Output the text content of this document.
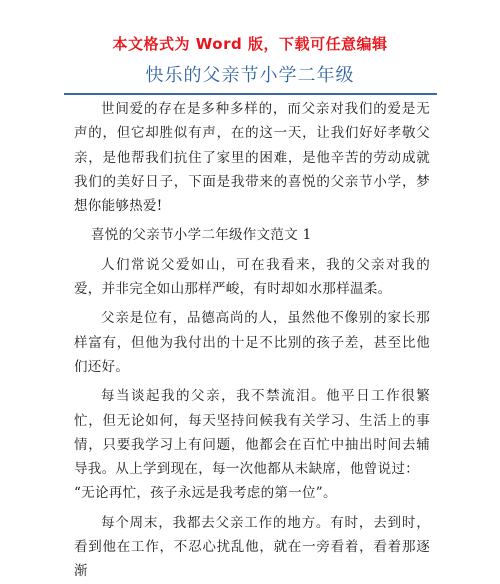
本文格式为 Word 版，下载可任意编辑
快乐的父亲节小学二年级

世间爱的存在是多种多样的，而父亲对我们的爱是无声的，但它却胜似有声，在的这一天，让我们好好孝敬父亲，是他帮我们抗住了家里的困难，是他辛苦的劳动成就我们的美好日子，下面是我带来的喜悦的父亲节小学，梦想你能够热爱!

喜悦的父亲节小学二年级作文范文 1

人们常说父爱如山，可在我看来，我的父亲对我的爱，并非完全如山那样严峻，有时却如水那样温柔。

父亲是位有，品德高尚的人，虽然他不像别的家长那样富有，但他为我付出的十足不比别的孩子差，甚至比他们还好。

每当谈起我的父亲，我不禁流泪。他平日工作很繁忙，但无论如何，每天坚持问候我有关学习、生活上的事情，只要我学习上有问题，他都会在百忙中抽出时间去辅导我。从上学到现在，每一次他都从未缺席，他曾说过：

“无论再忙，孩子永远是我考虑的第一位”。

每个周末，我都去父亲工作的地方。有时，去到时，看到他在工作，不忍心扰乱他，就在一旁看着，看着那逐渐
